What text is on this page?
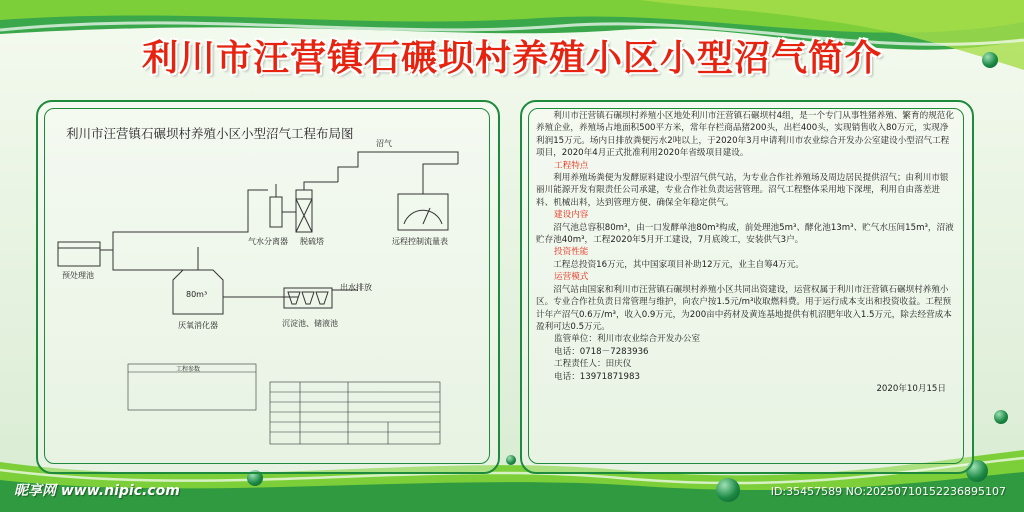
利川市汪营镇石碾坝村养殖小区小型沼气简介
利川市汪营镇石碾坝村养殖小区小型沼气工程布局图
沼气
气水分离器 脱硫塔	远程控制流量表
预处理池
80m³
厌氧消化器
出水排放
沉淀池、储液池
工程参数

利川市汪营镇石碾坝村养殖小区地处利川市汪营镇石碾坝村4组，是一个专门从事牲猪养殖、繁育的规范化养殖企业，养殖场占地面积500平方米，常年存栏商品猪200头，出栏400头，实现销售收入80万元，实现净利润15万元。场内日排放粪便污水2吨以上，于2020年3月申请利川市农业综合开发办公室建设小型沼气工程项目，2020年4月正式批准利用2020年省级项目建设。

工程特点

利用养殖场粪便为发酵原料建设小型沼气供气站，为专业合作社养殖场及周边居民提供沼气；由利川市银丽川能源开发有限责任公司承建，专业合作社负责运营管理。沼气工程整体采用地下深埋，利用自由落差进料、机械出料，达到管理方便、确保全年稳定供气。

建设内容

沼气池总容积80m³，由一口发酵单池80m³构成，前处理池5m³、酵化池13m³、贮气水压间15m³，沼液贮存池40m³，工程2020年5月开工建设，7月底竣工，安装供气3户。

投资性能

工程总投资16万元，其中国家项目补助12万元，业主自筹4万元。

运营模式

沼气站由国家和利川市汪营镇石碾坝村养殖小区共同出资建设，运营权属于利川市汪营镇石碾坝村养殖小区。专业合作社负责日常管理与维护，向农户按1.5元/m³收取燃料费。用于运行成本支出和投资收益。工程预计年产沼气0.6万/m³，收入0.9万元，为200亩中药材及黄连基地提供有机沼肥年收入1.5万元，除去经营成本盈利可达0.5万元。

监管单位：利川市农业综合开发办公室
电话：0718－7283936
工程责任人：田庆仪
电话：13971871983
2020年10月15日
昵享网 www.nipic.com	ID:35457589 NO:20250710152236895107
